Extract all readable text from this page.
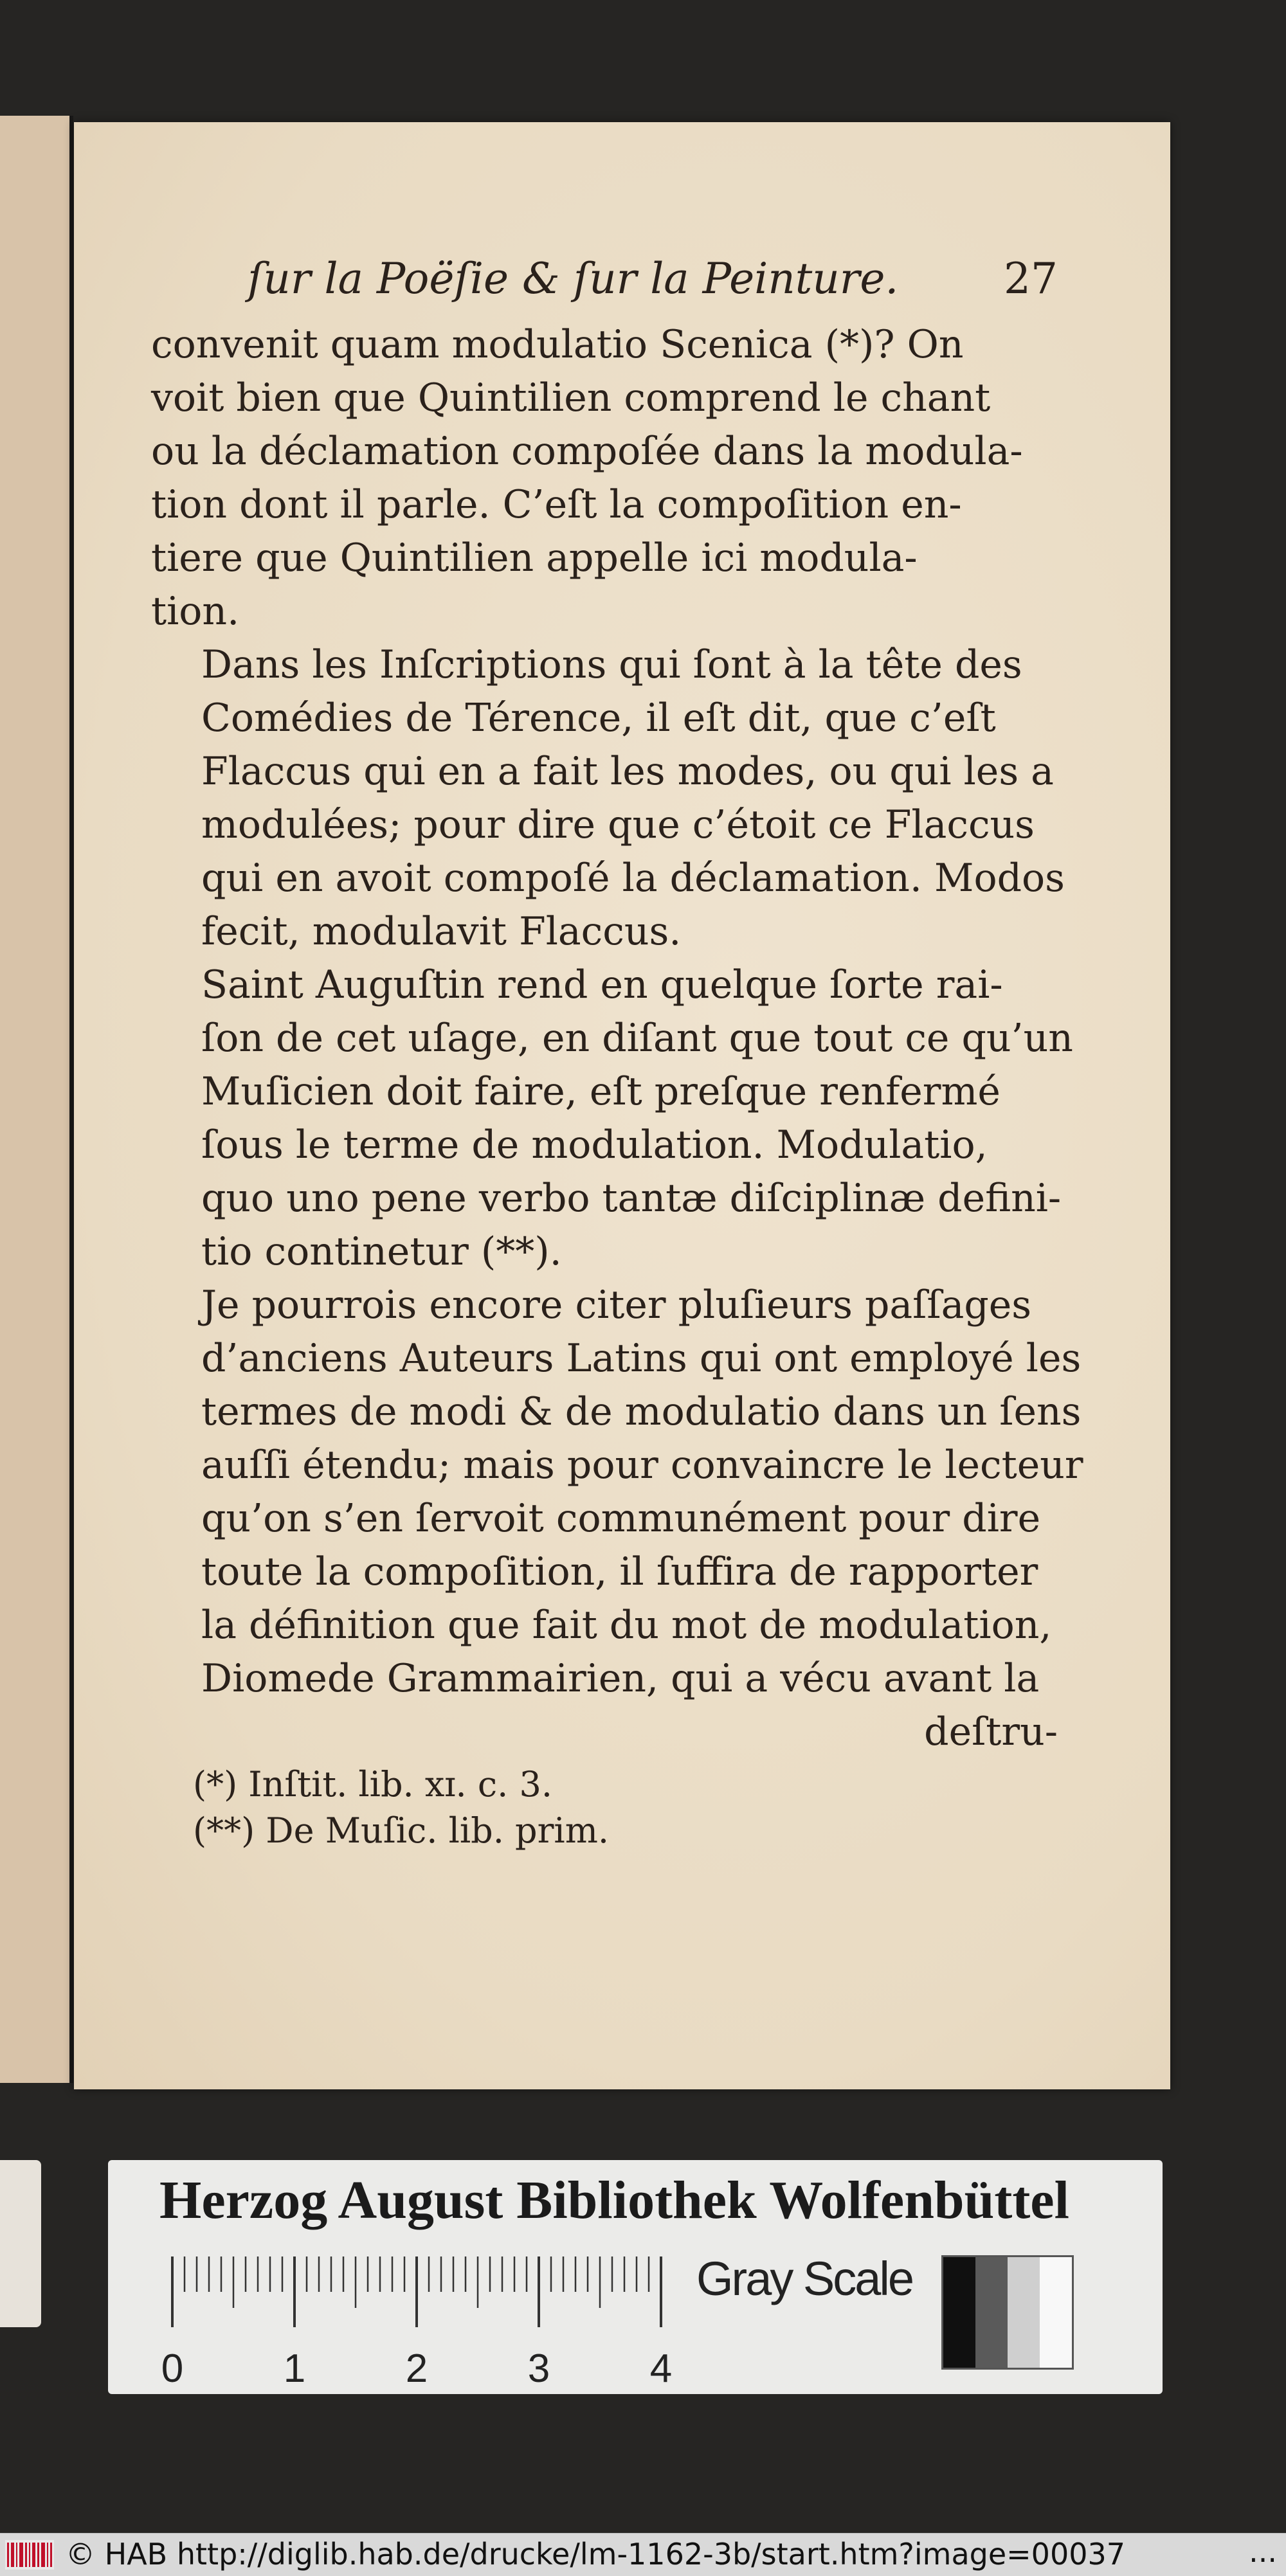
ſur la Poëſie & ſur la Peinture. 27

convenit quam modulatio Scenica (*)? On
voit bien que Quintilien comprend le chant
ou la déclamation compoſée dans la modula-
tion dont il parle. C’eſt la compoſition en-
tiere que Quintilien appelle ici modula-
tion.

Dans les Inſcriptions qui ſont à la tête des
Comédies de Térence, il eſt dit, que c’eſt
Flaccus qui en a fait les modes, ou qui les a
modulées; pour dire que c’étoit ce Flaccus
qui en avoit compoſé la déclamation. Modos
fecit, modulavit Flaccus.

Saint Auguſtin rend en quelque ſorte rai-
ſon de cet uſage, en diſant que tout ce qu’un
Muſicien doit faire, eſt preſque renfermé
ſous le terme de modulation. Modulatio,
quo uno pene verbo tantæ diſciplinæ defini-
tio continetur (**).

Je pourrois encore citer pluſieurs paſſages
d’anciens Auteurs Latins qui ont employé les
termes de modi & de modulatio dans un ſens
auſſi étendu; mais pour convaincre le lecteur
qu’on s’en ſervoit communément pour dire
toute la compoſition, il ſuffira de rapporter
la définition que fait du mot de modulation,
Diomede Grammairien, qui a vécu avant la

deſtru-
(*) Inſtit. lib. xɪ. c. 3.
(**) De Muſic. lib. prim.
Herzog August Bibliothek Wolfenbüttel
0	1	2	3	4
Gray Scale
© HAB http://diglib.hab.de/drucke/lm-1162-3b/start.htm?image=00037	...
